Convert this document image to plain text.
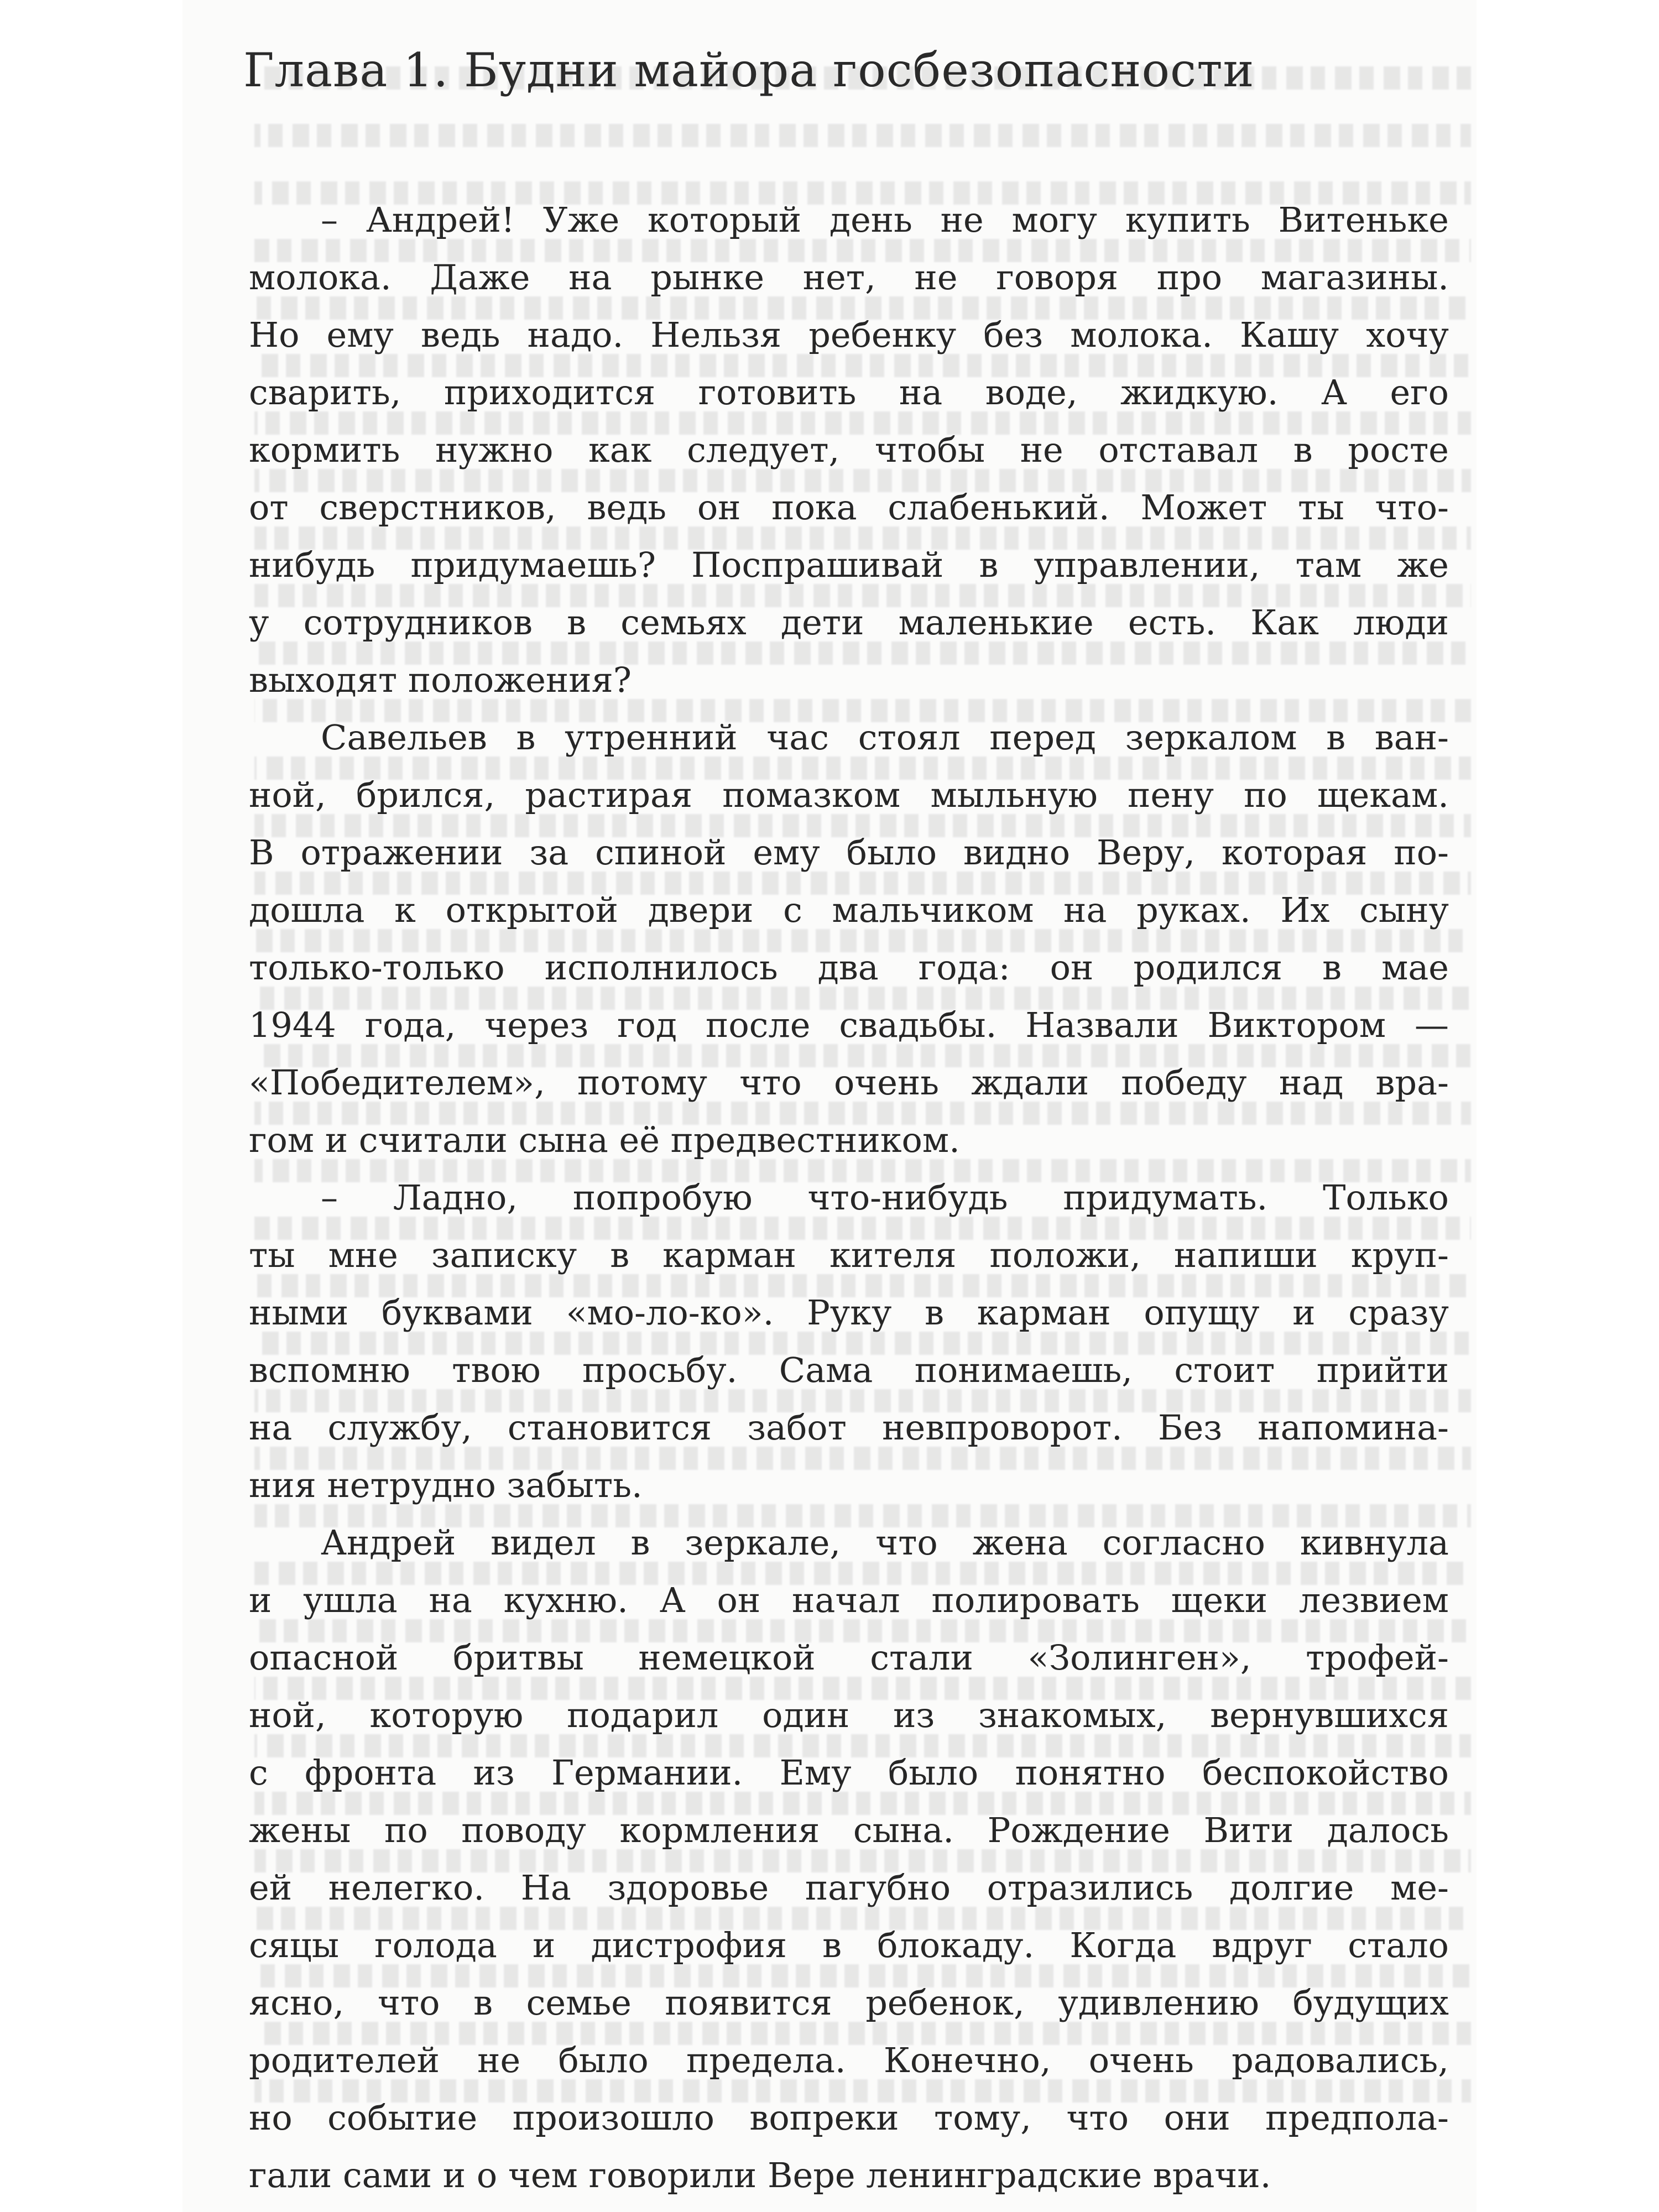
Глава 1. Будни майора госбезопасности
– Андрей! Уже который день не могу купить Витеньке
молока. Даже на рынке нет, не говоря про магазины.
Но ему ведь надо. Нельзя ребенку без молока. Кашу хочу
сварить, приходится готовить на воде, жидкую. А его
кормить нужно как следует, чтобы не отставал в росте
от сверстников, ведь он пока слабенький. Может ты что-
нибудь придумаешь? Поспрашивай в управлении, там же
у сотрудников в семьях дети маленькие есть. Как люди
выходят положения?
Савельев в утренний час стоял перед зеркалом в ван-
ной, брился, растирая помазком мыльную пену по щекам.
В отражении за спиной ему было видно Веру, которая по-
дошла к открытой двери с мальчиком на руках. Их сыну
только-только исполнилось два года: он родился в мае
1944 года, через год после свадьбы. Назвали Виктором —
«Победителем», потому что очень ждали победу над вра-
гом и считали сына её предвестником.
– Ладно, попробую что-нибудь придумать. Только
ты мне записку в карман кителя положи, напиши круп-
ными буквами «мо-ло-ко». Руку в карман опущу и сразу
вспомню твою просьбу. Сама понимаешь, стоит прийти
на службу, становится забот невпроворот. Без напомина-
ния нетрудно забыть.
Андрей видел в зеркале, что жена согласно кивнула
и ушла на кухню. А он начал полировать щеки лезвием
опасной бритвы немецкой стали «Золинген», трофей-
ной, которую подарил один из знакомых, вернувшихся
с фронта из Германии. Ему было понятно беспокойство
жены по поводу кормления сына. Рождение Вити далось
ей нелегко. На здоровье пагубно отразились долгие ме-
сяцы голода и дистрофия в блокаду. Когда вдруг стало
ясно, что в семье появится ребенок, удивлению будущих
родителей не было предела. Конечно, очень радовались,
но событие произошло вопреки тому, что они предпола-
гали сами и о чем говорили Вере ленинградские врачи.
